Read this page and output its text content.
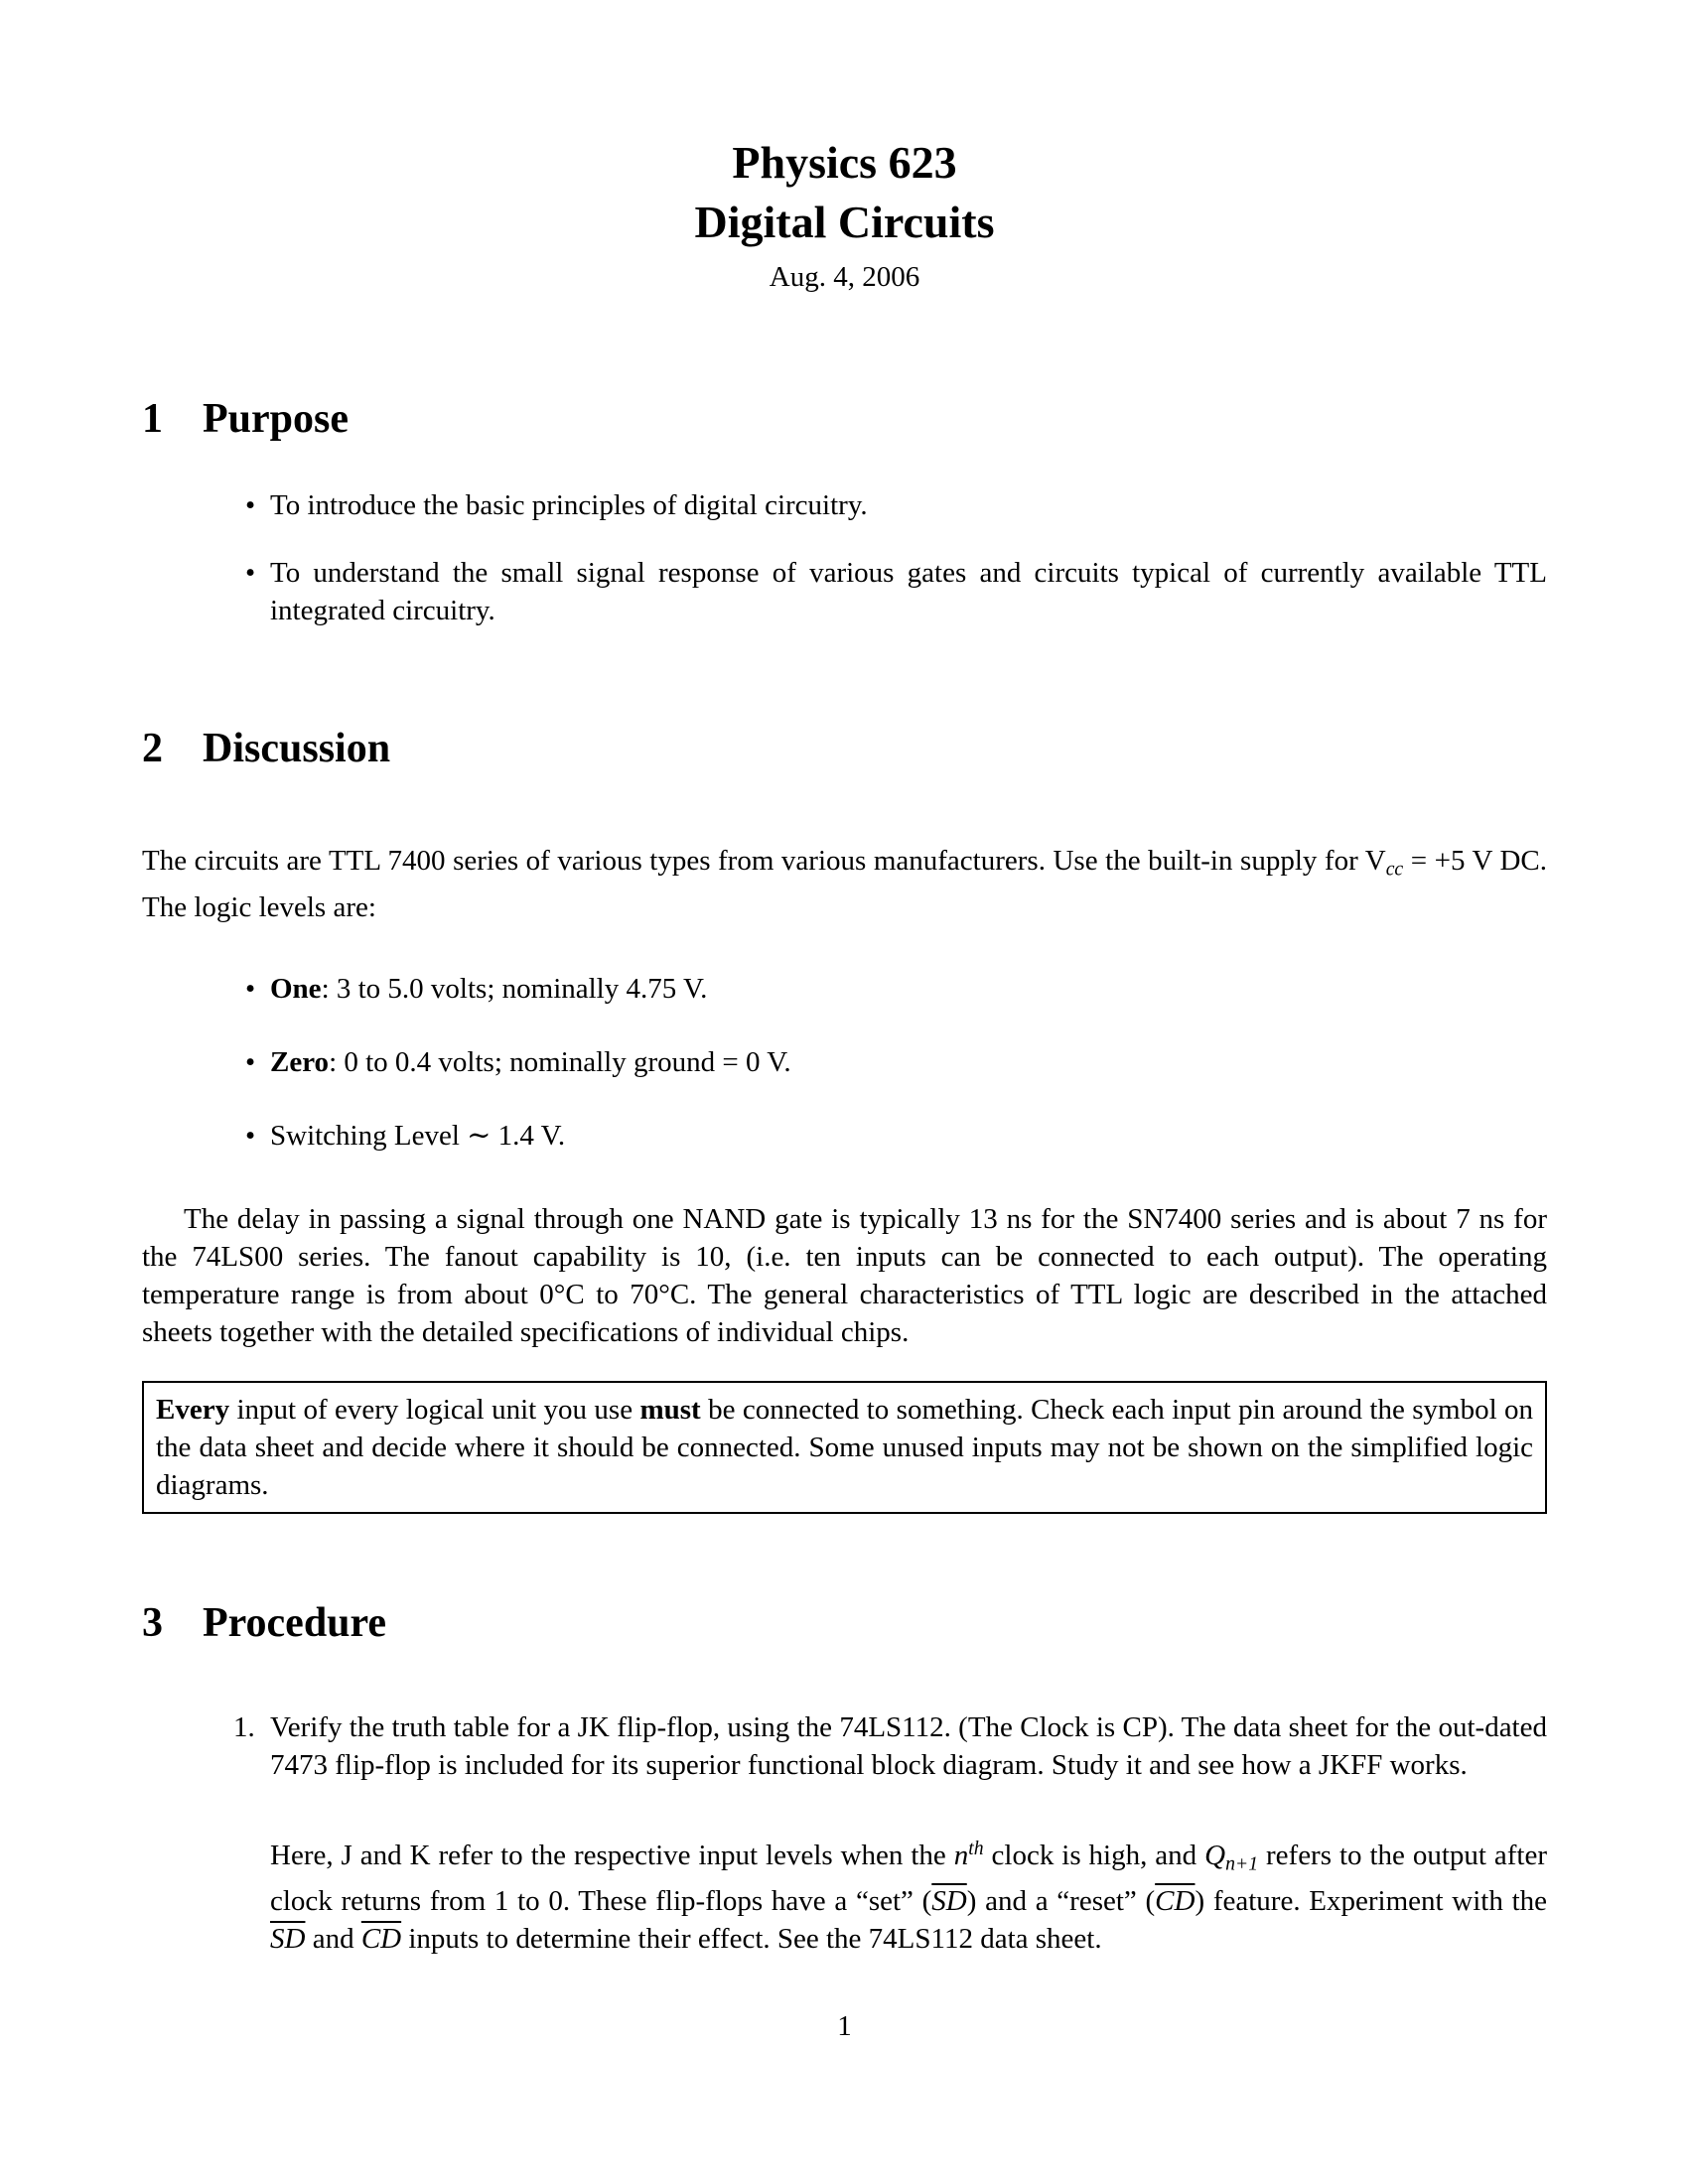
Physics 623
Digital Circuits
Aug. 4, 2006
1 Purpose
• To introduce the basic principles of digital circuitry.
• To understand the small signal response of various gates and circuits typical of currently available TTL integrated circuitry.
2 Discussion

The circuits are TTL 7400 series of various types from various manufacturers. Use the built-in supply for $V_{cc} = +5$ V DC. The logic levels are:

• One: 3 to 5.0 volts; nominally 4.75 V.
• Zero: 0 to 0.4 volts; nominally ground = 0 V.
• Switching Level ∼ 1.4 V.

The delay in passing a signal through one NAND gate is typically 13 ns for the SN7400 series and is about 7 ns for the 74LS00 series. The fanout capability is 10, (i.e. ten inputs can be connected to each output). The operating temperature range is from about 0°C to 70°C. The general characteristics of TTL logic are described in the attached sheets together with the detailed specifications of individual chips.

Every input of every logical unit you use must be connected to something. Check each input pin around the symbol on the data sheet and decide where it should be connected. Some unused inputs may not be shown on the simplified logic diagrams.
3 Procedure
1. Verify the truth table for a JK flip-flop, using the 74LS112. (The Clock is CP). The data sheet for the out-dated 7473 flip-flop is included for its superior functional block diagram. Study it and see how a JKFF works.

Here, J and K refer to the respective input levels when the $n^{th}$ clock is high, and $Q_{n+1}$ refers to the output after clock returns from 1 to 0. These flip-flops have a “set” $(\overline{SD})$ and a “reset” $(\overline{CD})$ feature. Experiment with the $\overline{SD}$ and $\overline{CD}$ inputs to determine their effect. See the 74LS112 data sheet.

1
